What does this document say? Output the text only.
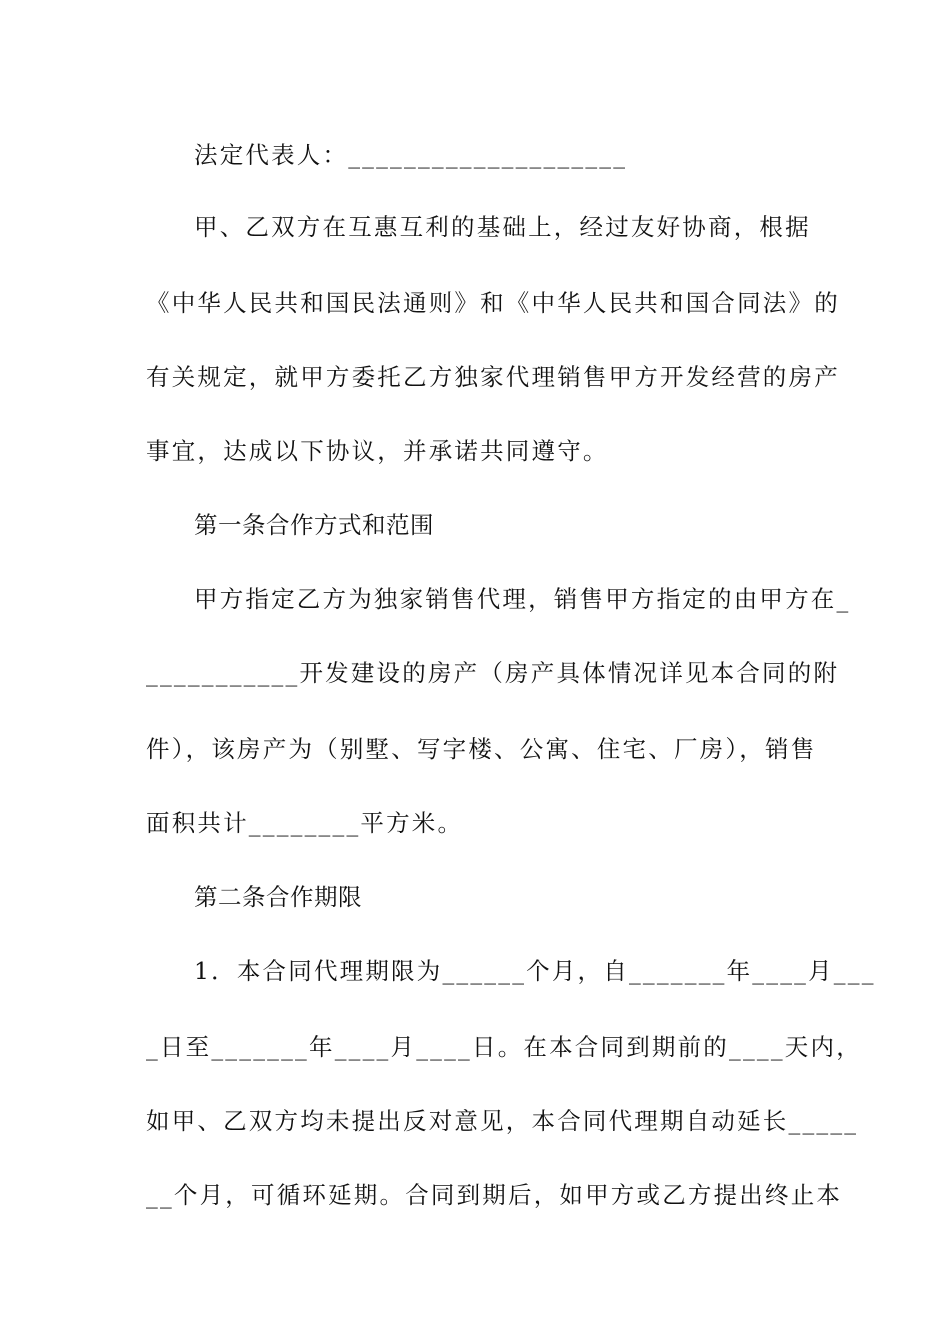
法定代表人：____________________
甲、乙双方在互惠互利的基础上，经过友好协商，根据
《中华人民共和国民法通则》和《中华人民共和国合同法》的
有关规定，就甲方委托乙方独家代理销售甲方开发经营的房产
事宜，达成以下协议，并承诺共同遵守。
第一条合作方式和范围
甲方指定乙方为独家销售代理，销售甲方指定的由甲方在_
___________开发建设的房产（房产具体情况详见本合同的附
件），该房产为（别墅、写字楼、公寓、住宅、厂房），销售
面积共计________平方米。
第二条合作期限
1．本合同代理期限为______个月，自_______年____月___
_日至_______年____月____日。在本合同到期前的____天内，
如甲、乙双方均未提出反对意见，本合同代理期自动延长_____
__个月，可循环延期。合同到期后，如甲方或乙方提出终止本
